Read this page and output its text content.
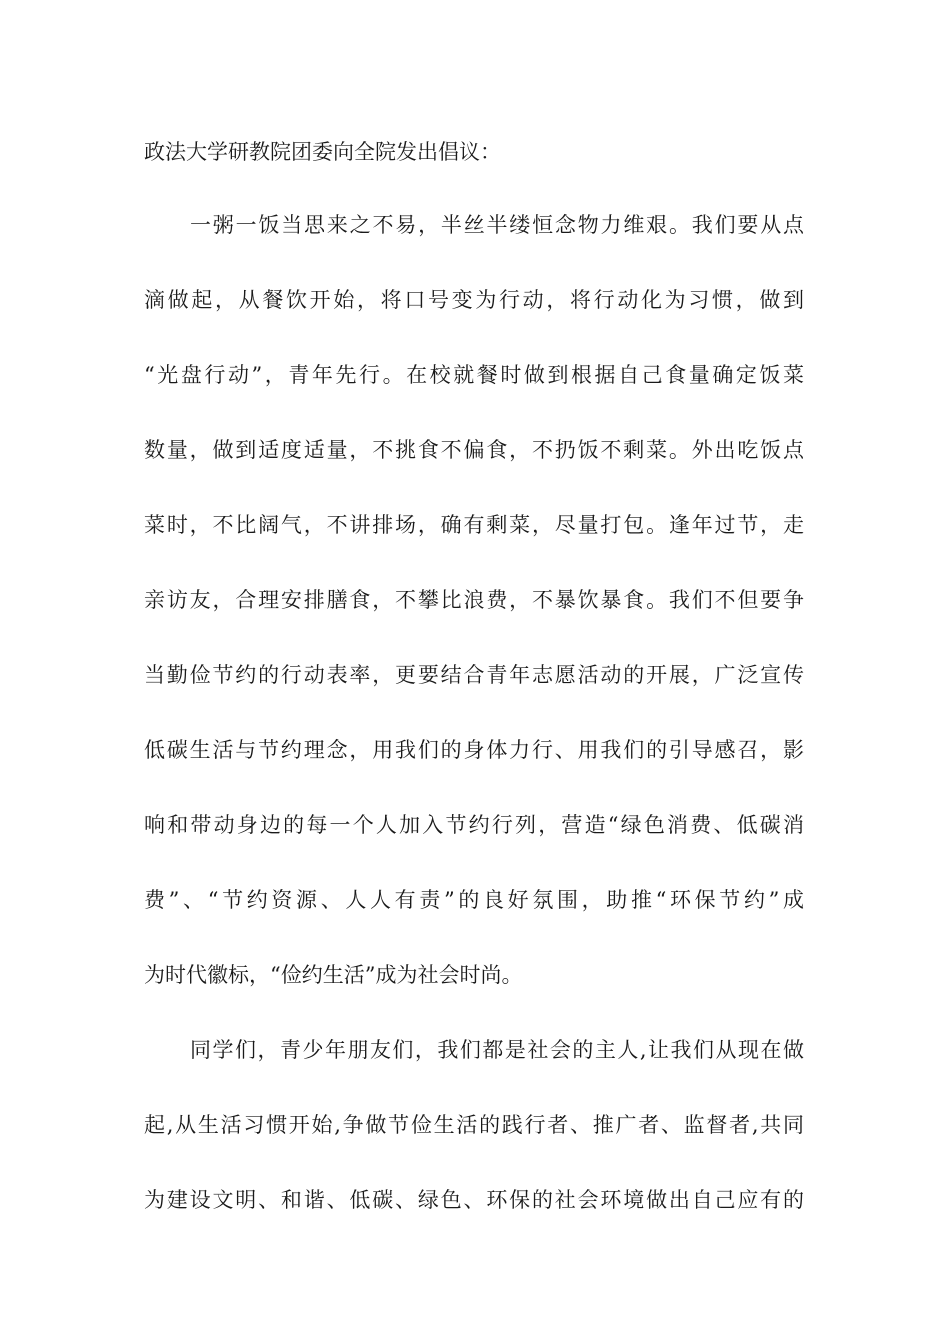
政法大学研教院团委向全院发出倡议：
一粥一饭当思来之不易，半丝半缕恒念物力维艰。我们要从点
滴做起，从餐饮开始，将口号变为行动，将行动化为习惯，做到
“光盘行动”，青年先行。在校就餐时做到根据自己食量确定饭菜
数量，做到适度适量，不挑食不偏食，不扔饭不剩菜。外出吃饭点
菜时，不比阔气，不讲排场，确有剩菜，尽量打包。逢年过节，走
亲访友，合理安排膳食，不攀比浪费，不暴饮暴食。我们不但要争
当勤俭节约的行动表率，更要结合青年志愿活动的开展，广泛宣传
低碳生活与节约理念，用我们的身体力行、用我们的引导感召，影
响和带动身边的每一个人加入节约行列，营造“绿色消费、低碳消
费”、“节约资源、人人有责”的良好氛围，助推“环保节约”成
为时代徽标，“俭约生活”成为社会时尚。
同学们，青少年朋友们，我们都是社会的主人,让我们从现在做
起,从生活习惯开始,争做节俭生活的践行者、推广者、监督者,共同
为建设文明、和谐、低碳、绿色、环保的社会环境做出自己应有的
